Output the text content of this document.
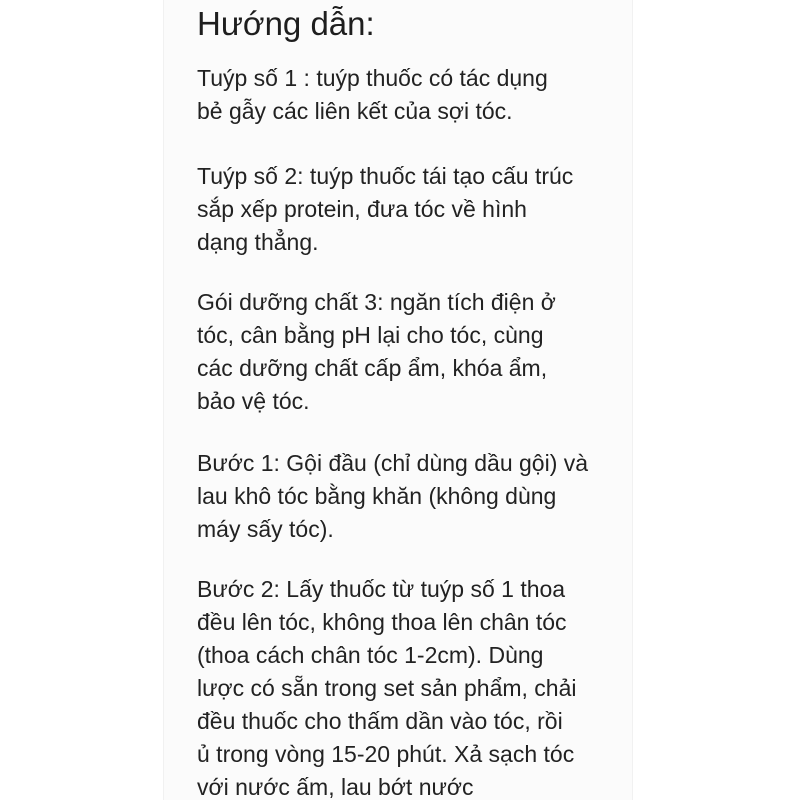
Hướng dẫn:

Tuýp số 1 : tuýp thuốc có tác dụng
bẻ gẫy các liên kết của sợi tóc.

Tuýp số 2: tuýp thuốc tái tạo cấu trúc
sắp xếp protein, đưa tóc về hình
dạng thẳng.

Gói dưỡng chất 3: ngăn tích điện ở
tóc, cân bằng pH lại cho tóc, cùng
các dưỡng chất cấp ẩm, khóa ẩm,
bảo vệ tóc.

Bước 1: Gội đầu (chỉ dùng dầu gội) và
lau khô tóc bằng khăn (không dùng
máy sấy tóc).

Bước 2: Lấy thuốc từ tuýp số 1 thoa
đều lên tóc, không thoa lên chân tóc
(thoa cách chân tóc 1-2cm). Dùng
lược có sẵn trong set sản phẩm, chải
đều thuốc cho thấm dần vào tóc, rồi
ủ trong vòng 15-20 phút. Xả sạch tóc
với nước ấm, lau bớt nước
